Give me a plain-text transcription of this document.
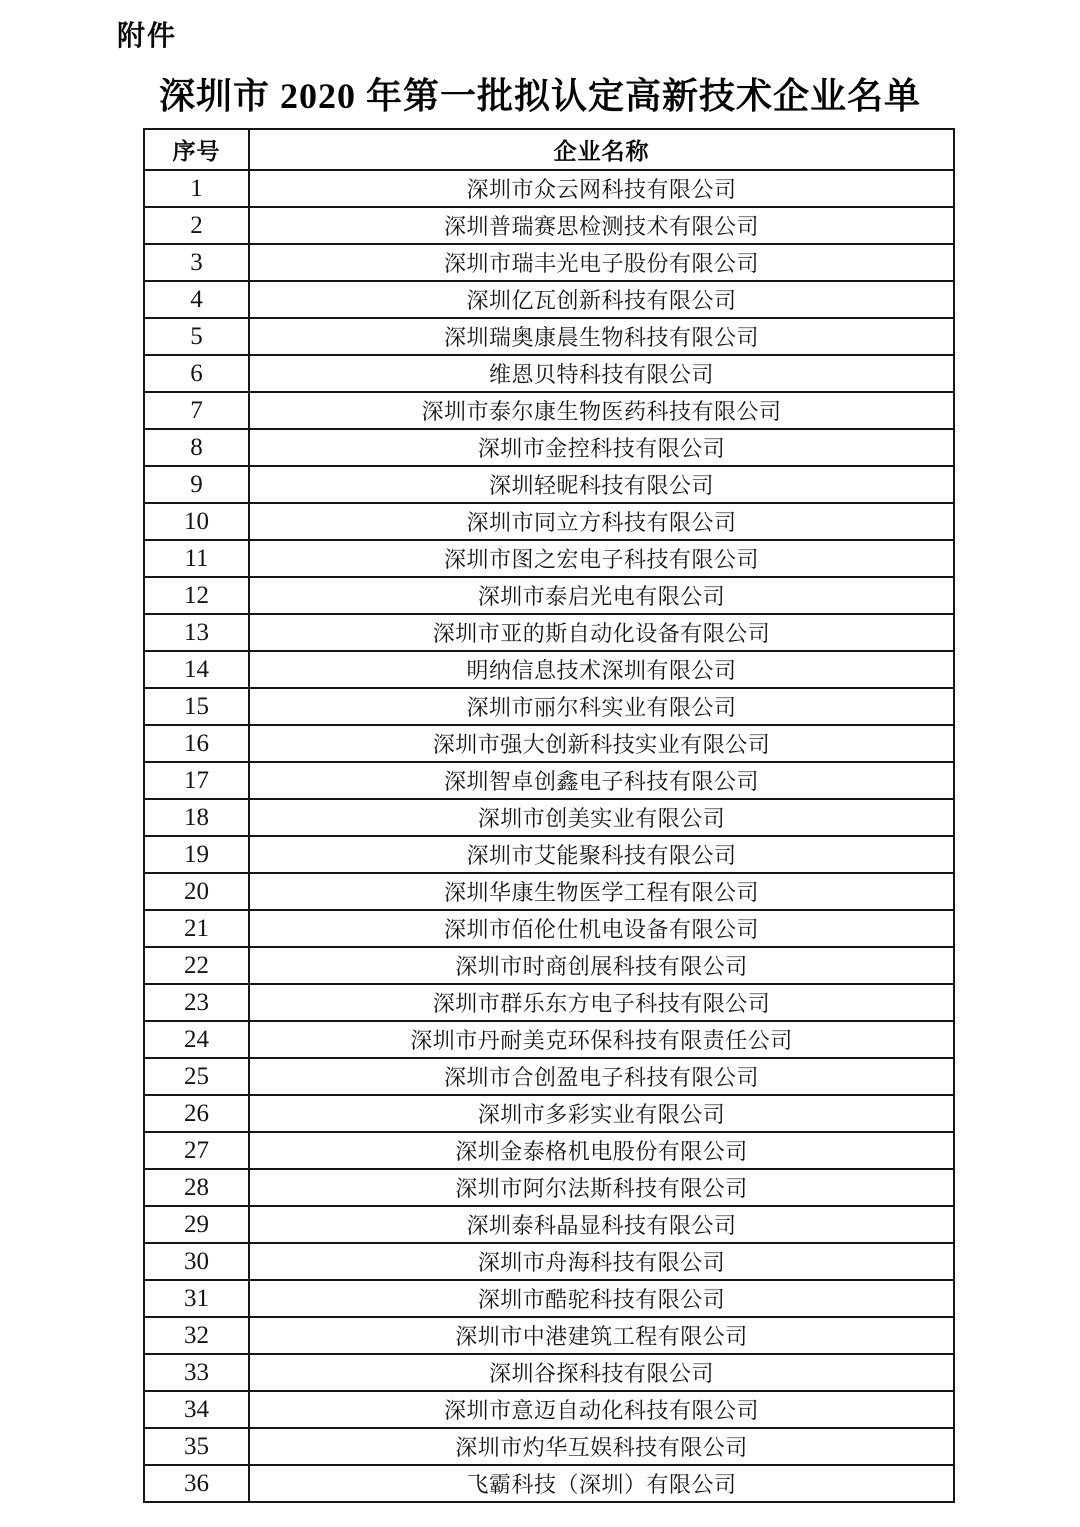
附件
深圳市 2020 年第一批拟认定高新技术企业名单
序号	企业名称
1	深圳市众云网科技有限公司
2	深圳普瑞赛思检测技术有限公司
3	深圳市瑞丰光电子股份有限公司
4	深圳亿瓦创新科技有限公司
5	深圳瑞奥康晨生物科技有限公司
6	维恩贝特科技有限公司
7	深圳市泰尔康生物医药科技有限公司
8	深圳市金控科技有限公司
9	深圳轻昵科技有限公司
10	深圳市同立方科技有限公司
11	深圳市图之宏电子科技有限公司
12	深圳市泰启光电有限公司
13	深圳市亚的斯自动化设备有限公司
14	明纳信息技术深圳有限公司
15	深圳市丽尔科实业有限公司
16	深圳市强大创新科技实业有限公司
17	深圳智卓创鑫电子科技有限公司
18	深圳市创美实业有限公司
19	深圳市艾能聚科技有限公司
20	深圳华康生物医学工程有限公司
21	深圳市佰伦仕机电设备有限公司
22	深圳市时商创展科技有限公司
23	深圳市群乐东方电子科技有限公司
24	深圳市丹耐美克环保科技有限责任公司
25	深圳市合创盈电子科技有限公司
26	深圳市多彩实业有限公司
27	深圳金泰格机电股份有限公司
28	深圳市阿尔法斯科技有限公司
29	深圳泰科晶显科技有限公司
30	深圳市舟海科技有限公司
31	深圳市酷驼科技有限公司
32	深圳市中港建筑工程有限公司
33	深圳谷探科技有限公司
34	深圳市意迈自动化科技有限公司
35	深圳市灼华互娱科技有限公司
36	飞霸科技（深圳）有限公司
